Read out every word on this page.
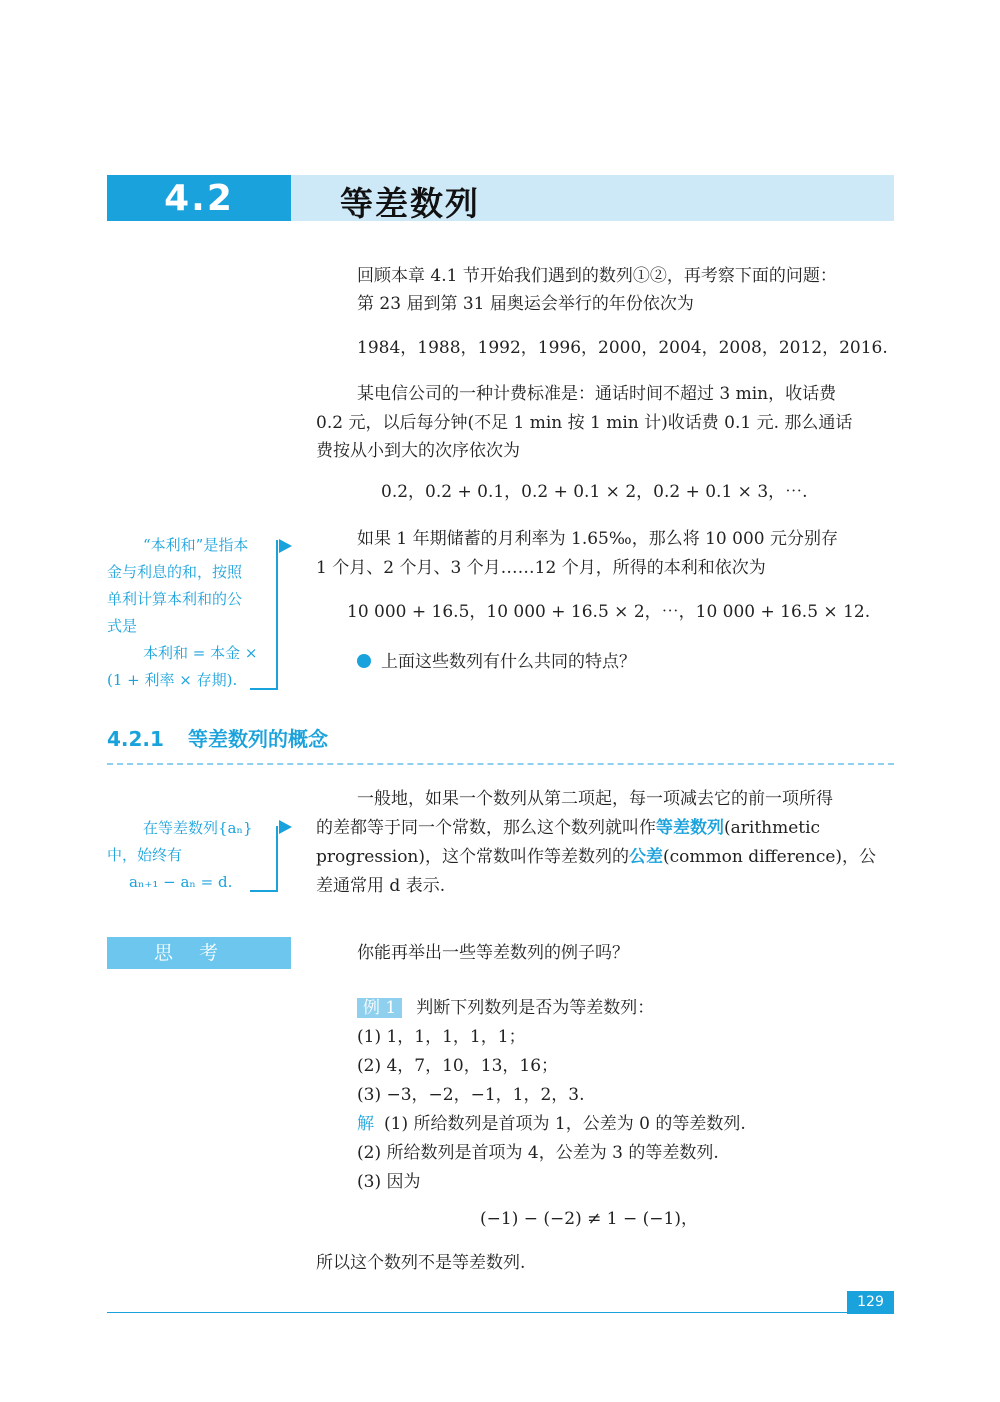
4.2	等差数列
回顾本章 4.1 节开始我们遇到的数列①②，再考察下面的问题：
第 23 届到第 31 届奥运会举行的年份依次为
1984，1988，1992，1996，2000，2004，2008，2012，2016.
某电信公司的一种计费标准是：通话时间不超过 3 min，收话费
0.2 元，以后每分钟(不足 1 min 按 1 min 计)收话费 0.1 元. 那么通话
费按从小到大的次序依次为
0.2，0.2 + 0.1，0.2 + 0.1 × 2，0.2 + 0.1 × 3，⋯.
如果 1 年期储蓄的月利率为 1.65‰，那么将 10 000 元分别存
1 个月、2 个月、3 个月……12 个月，所得的本利和依次为
10 000 + 16.5，10 000 + 16.5 × 2，⋯，10 000 + 16.5 × 12.
上面这些数列有什么共同的特点？
“本利和”是指本
金与利息的和，按照
单利计算本利和的公
式是
本利和 = 本金 ×
(1 + 利率 × 存期).
4.2.1 等差数列的概念
一般地，如果一个数列从第二项起，每一项减去它的前一项所得
的差都等于同一个常数，那么这个数列就叫作等差数列(arithmetic
progression)，这个常数叫作等差数列的公差(common difference)，公
差通常用 d 表示.
在等差数列{aₙ}
中，始终有
aₙ₊₁ − aₙ = d.
思考	你能再举出一些等差数列的例子吗？
例 1 判断下列数列是否为等差数列：
(1) 1，1，1，1，1；
(2) 4，7，10，13，16；
(3) −3，−2，−1，1，2，3.
解 (1) 所给数列是首项为 1，公差为 0 的等差数列.
(2) 所给数列是首项为 4，公差为 3 的等差数列.
(3) 因为
(−1) − (−2) ≠ 1 − (−1)，
所以这个数列不是等差数列.
129
